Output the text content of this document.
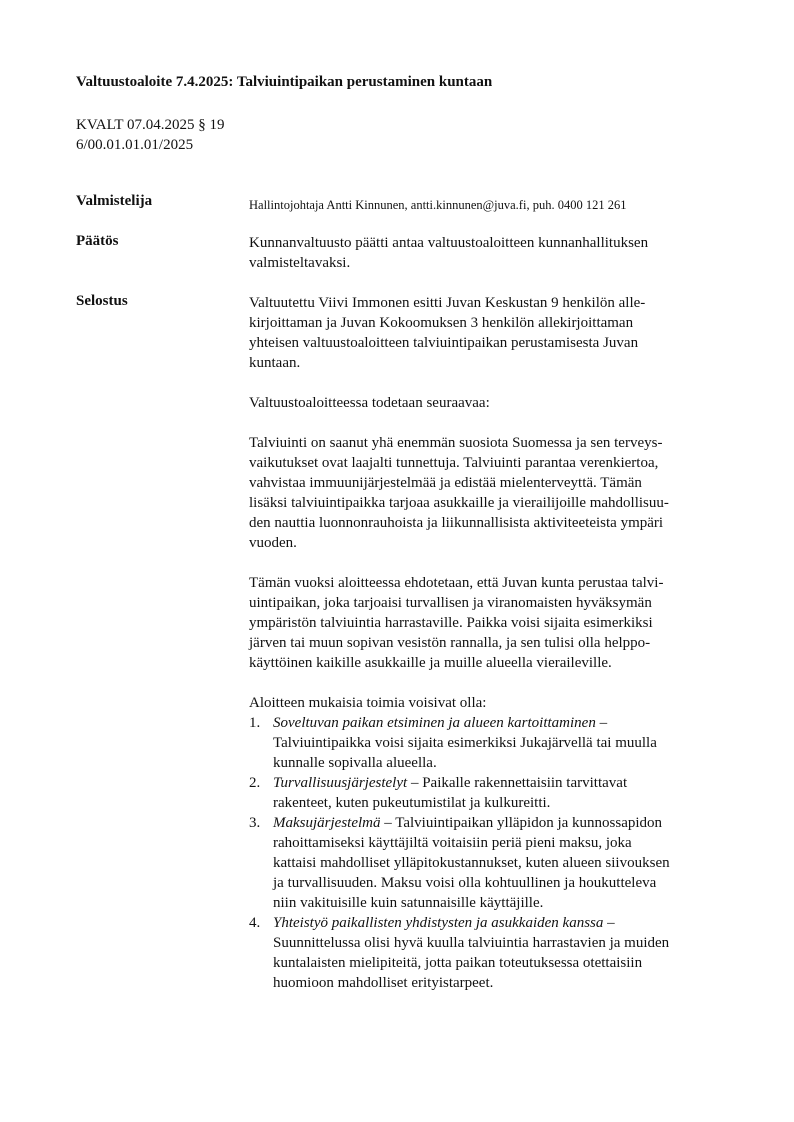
Valtuustoaloite 7.4.2025: Talviuintipaikan perustaminen kuntaan
KVALT 07.04.2025 § 19
6/00.01.01.01/2025
Valmistelija	Hallintojohtaja Antti Kinnunen, antti.kinnunen@juva.fi, puh. 0400 121 261
Päätös	Kunnanvaltuusto päätti antaa valtuustoaloitteen kunnanhallituksen
valmisteltavaksi.
Selostus	Valtuutettu Viivi Immonen esitti Juvan Keskustan 9 henkilön alle-
kirjoittaman ja Juvan Kokoomuksen 3 henkilön allekirjoittaman
yhteisen valtuustoaloitteen talviuintipaikan perustamisesta Juvan
kuntaan.
Valtuustoaloitteessa todetaan seuraavaa:
Talviuinti on saanut yhä enemmän suosiota Suomessa ja sen terveys-
vaikutukset ovat laajalti tunnettuja. Talviuinti parantaa verenkiertoa,
vahvistaa immuunijärjestelmää ja edistää mielenterveyttä. Tämän
lisäksi talviuintipaikka tarjoaa asukkaille ja vierailijoille mahdollisuu-
den nauttia luonnonrauhoista ja liikunnallisista aktiviteeteista ympäri
vuoden.
Tämän vuoksi aloitteessa ehdotetaan, että Juvan kunta perustaa talvi-
uintipaikan, joka tarjoaisi turvallisen ja viranomaisten hyväksymän
ympäristön talviuintia harrastaville. Paikka voisi sijaita esimerkiksi
järven tai muun sopivan vesistön rannalla, ja sen tulisi olla helppo-
käyttöinen kaikille asukkaille ja muille alueella vieraileville.
Aloitteen mukaisia toimia voisivat olla:
1. Soveltuvan paikan etsiminen ja alueen kartoittaminen –
Talviuintipaikka voisi sijaita esimerkiksi Jukajärvellä tai muulla
kunnalle sopivalla alueella.
2. Turvallisuusjärjestelyt – Paikalle rakennettaisiin tarvittavat
rakenteet, kuten pukeutumistilat ja kulkureitti.
3. Maksujärjestelmä – Talviuintipaikan ylläpidon ja kunnossapidon
rahoittamiseksi käyttäjiltä voitaisiin periä pieni maksu, joka
kattaisi mahdolliset ylläpitokustannukset, kuten alueen siivouksen
ja turvallisuuden. Maksu voisi olla kohtuullinen ja houkutteleva
niin vakituisille kuin satunnaisille käyttäjille.
4. Yhteistyö paikallisten yhdistysten ja asukkaiden kanssa –
Suunnittelussa olisi hyvä kuulla talviuintia harrastavien ja muiden
kuntalaisten mielipiteitä, jotta paikan toteutuksessa otettaisiin
huomioon mahdolliset erityistarpeet.
